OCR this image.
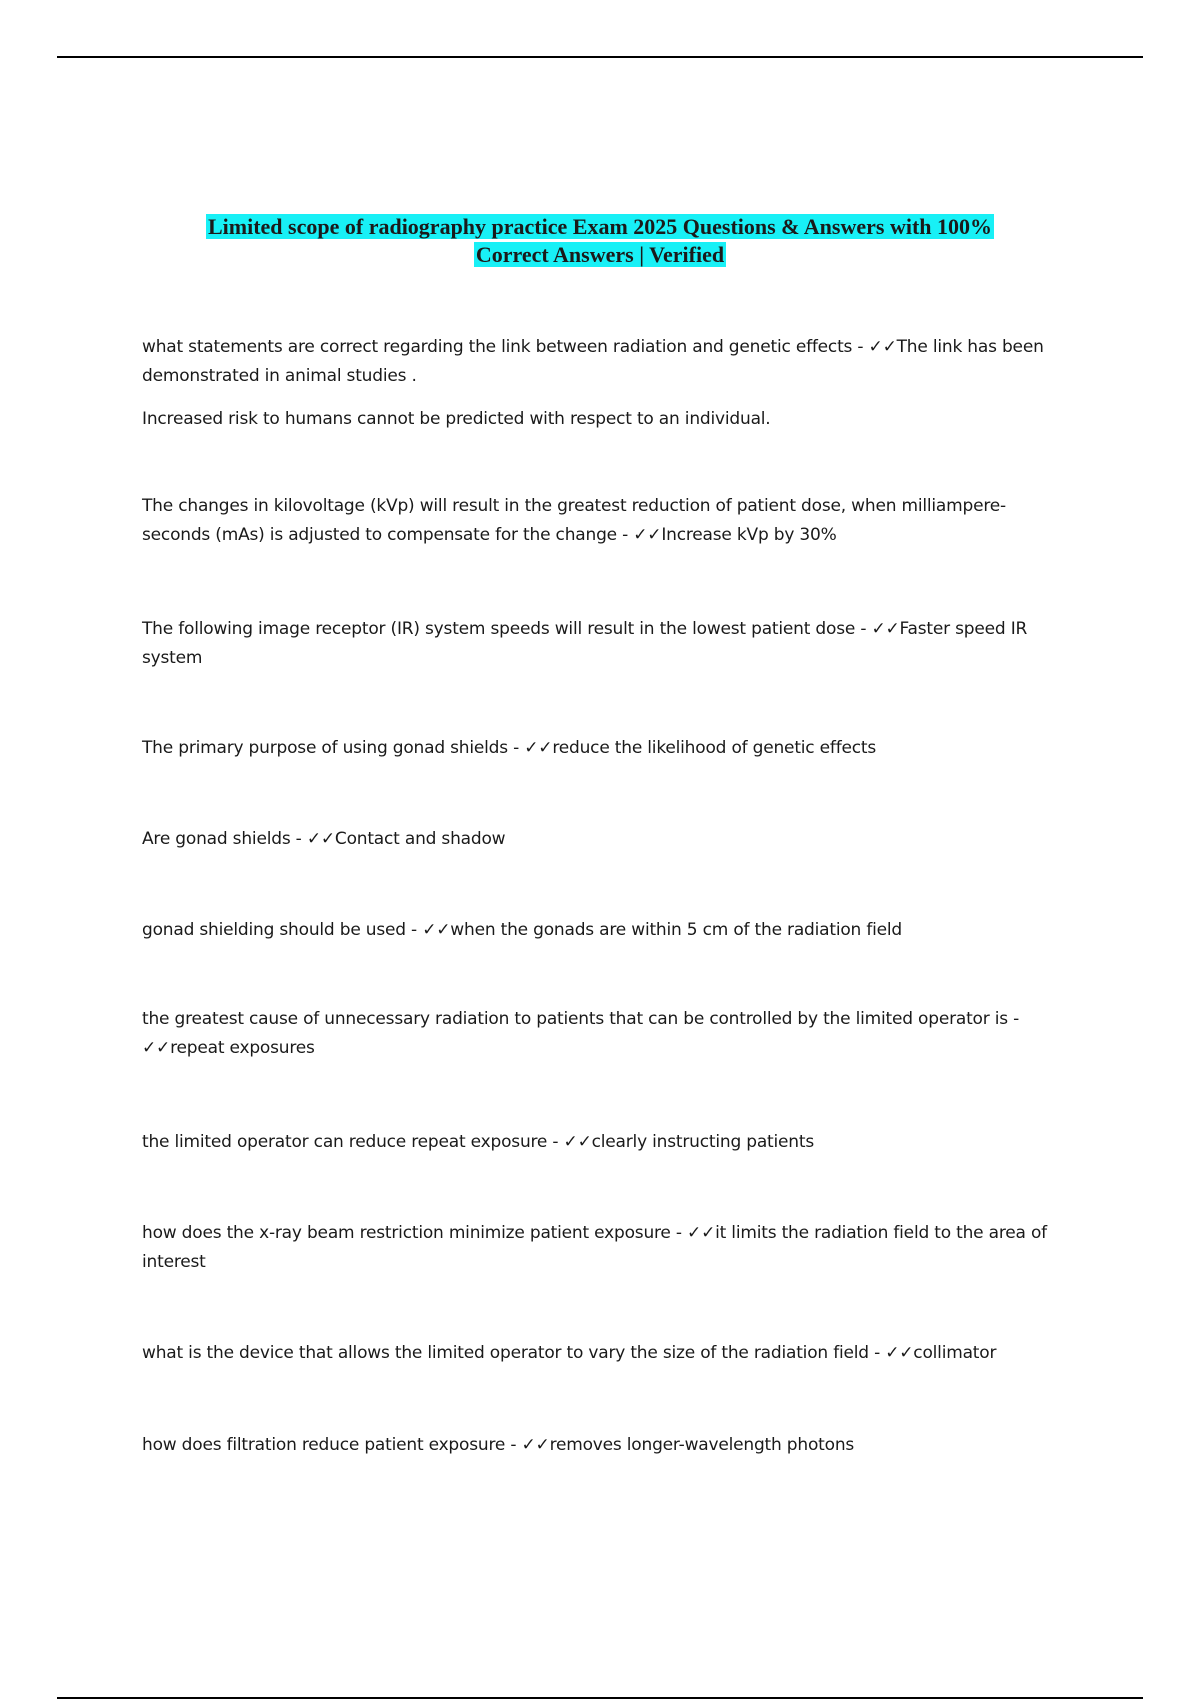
Limited scope of radiography practice Exam 2025 Questions & Answers with 100%
Correct Answers | Verified

what statements are correct regarding the link between radiation and genetic effects - ✓✓The link has been demonstrated in animal studies .

Increased risk to humans cannot be predicted with respect to an individual.

The changes in kilovoltage (kVp) will result in the greatest reduction of patient dose, when milliampere-seconds (mAs) is adjusted to compensate for the change - ✓✓Increase kVp by 30%

The following image receptor (IR) system speeds will result in the lowest patient dose - ✓✓Faster speed IR system

The primary purpose of using gonad shields - ✓✓reduce the likelihood of genetic effects

Are gonad shields - ✓✓Contact and shadow

gonad shielding should be used - ✓✓when the gonads are within 5 cm of the radiation field

the greatest cause of unnecessary radiation to patients that can be controlled by the limited operator is - ✓✓repeat exposures

the limited operator can reduce repeat exposure - ✓✓clearly instructing patients

how does the x-ray beam restriction minimize patient exposure - ✓✓it limits the radiation field to the area of interest

what is the device that allows the limited operator to vary the size of the radiation field - ✓✓collimator

how does filtration reduce patient exposure - ✓✓removes longer-wavelength photons
